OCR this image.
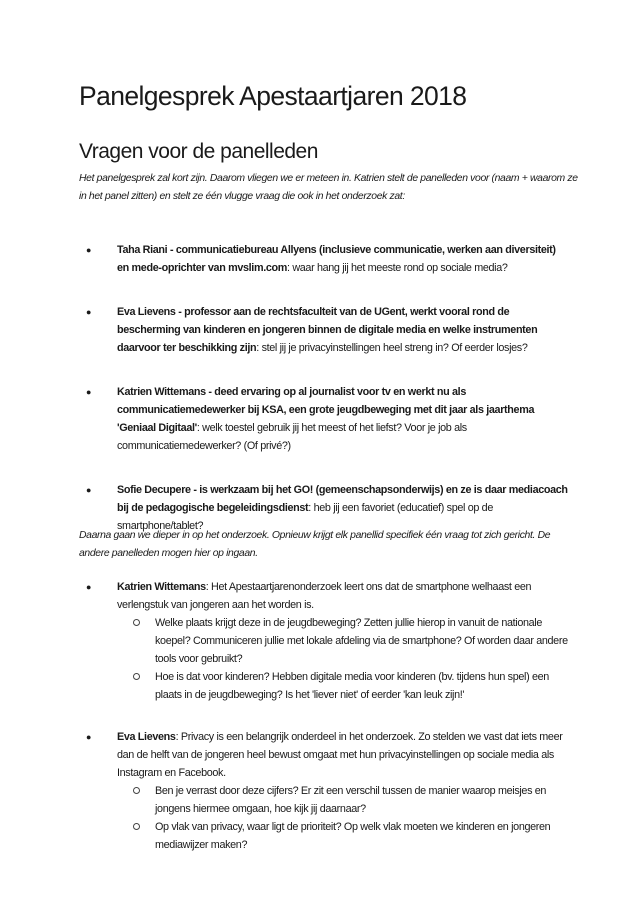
Panelgesprek Apestaartjaren 2018
Vragen voor de panelleden

Het panelgesprek zal kort zijn. Daarom vliegen we er meteen in. Katrien stelt de panelleden voor (naam + waarom ze in het panel zitten) en stelt ze één vlugge vraag die ook in het onderzoek zat:

● Taha Riani - communicatiebureau Allyens (inclusieve communicatie, werken aan diversiteit) en mede-oprichter van mvslim.com: waar hang jij het meeste rond op sociale media?
● Eva Lievens - professor aan de rechtsfaculteit van de UGent, werkt vooral rond de bescherming van kinderen en jongeren binnen de digitale media en welke instrumenten daarvoor ter beschikking zijn: stel jij je privacyinstellingen heel streng in? Of eerder losjes?
● Katrien Wittemans - deed ervaring op al journalist voor tv en werkt nu als communicatiemedewerker bij KSA, een grote jeugdbeweging met dit jaar als jaarthema 'Geniaal Digitaal': welk toestel gebruik jij het meest of het liefst? Voor je job als communicatiemedewerker? (Of privé?)
● Sofie Decupere - is werkzaam bij het GO! (gemeenschapsonderwijs) en ze is daar mediacoach bij de pedagogische begeleidingsdienst: heb jij een favoriet (educatief) spel op de smartphone/tablet?

Daarna gaan we dieper in op het onderzoek. Opnieuw krijgt elk panellid specifiek één vraag tot zich gericht. De andere panelleden mogen hier op ingaan.

● Katrien Wittemans: Het Apestaartjarenonderzoek leert ons dat de smartphone welhaast een verlengstuk van jongeren aan het worden is.
Welke plaats krijgt deze in de jeugdbeweging? Zetten jullie hierop in vanuit de nationale koepel? Communiceren jullie met lokale afdeling via de smartphone? Of worden daar andere tools voor gebruikt?
Hoe is dat voor kinderen? Hebben digitale media voor kinderen (bv. tijdens hun spel) een plaats in de jeugdbeweging? Is het 'liever niet' of eerder 'kan leuk zijn!'
● Eva Lievens: Privacy is een belangrijk onderdeel in het onderzoek. Zo stelden we vast dat iets meer dan de helft van de jongeren heel bewust omgaat met hun privacyinstellingen op sociale media als Instagram en Facebook.
Ben je verrast door deze cijfers? Er zit een verschil tussen de manier waarop meisjes en jongens hiermee omgaan, hoe kijk jij daarnaar?
Op vlak van privacy, waar ligt de prioriteit? Op welk vlak moeten we kinderen en jongeren mediawijzer maken?
